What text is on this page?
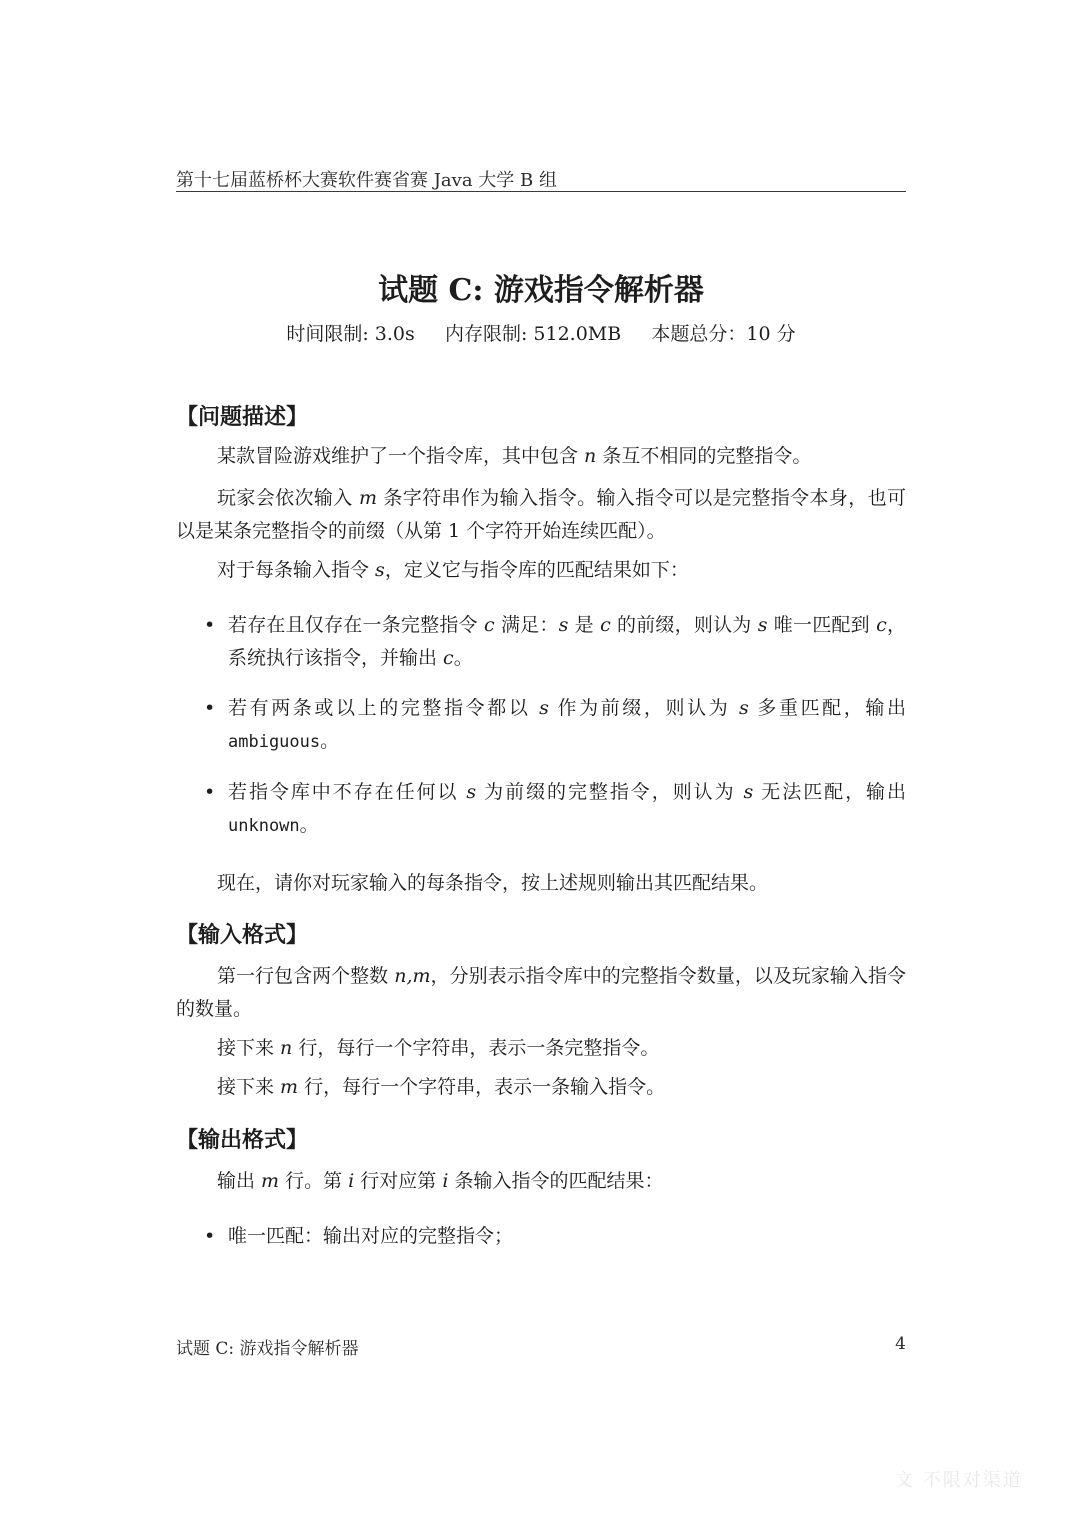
第十七届蓝桥杯大赛软件赛省赛 Java 大学 B 组
试题 C: 游戏指令解析器
时间限制: 3.0s     内存限制: 512.0MB     本题总分：10 分
【问题描述】

某款冒险游戏维护了一个指令库，其中包含 n 条互不相同的完整指令。

玩家会依次输入 m 条字符串作为输入指令。输入指令可以是完整指令本身，也可以是某条完整指令的前缀（从第 1 个字符开始连续匹配）。

对于每条输入指令 s，定义它与指令库的匹配结果如下：

• 若存在且仅存在一条完整指令 c 满足：s 是 c 的前缀，则认为 s 唯一匹配到 c，系统执行该指令，并输出 c。
• 若有两条或以上的完整指令都以 s 作为前缀，则认为 s 多重匹配，输出 ambiguous。
• 若指令库中不存在任何以 s 为前缀的完整指令，则认为 s 无法匹配，输出 unknown。

现在，请你对玩家输入的每条指令，按上述规则输出其匹配结果。

【输入格式】

第一行包含两个整数 n,m，分别表示指令库中的完整指令数量，以及玩家输入指令的数量。

接下来 n 行，每行一个字符串，表示一条完整指令。

接下来 m 行，每行一个字符串，表示一条输入指令。

【输出格式】

输出 m 行。第 i 行对应第 i 条输入指令的匹配结果：

• 唯一匹配：输出对应的完整指令；
试题 C: 游戏指令解析器	4
文 不限对渠道
